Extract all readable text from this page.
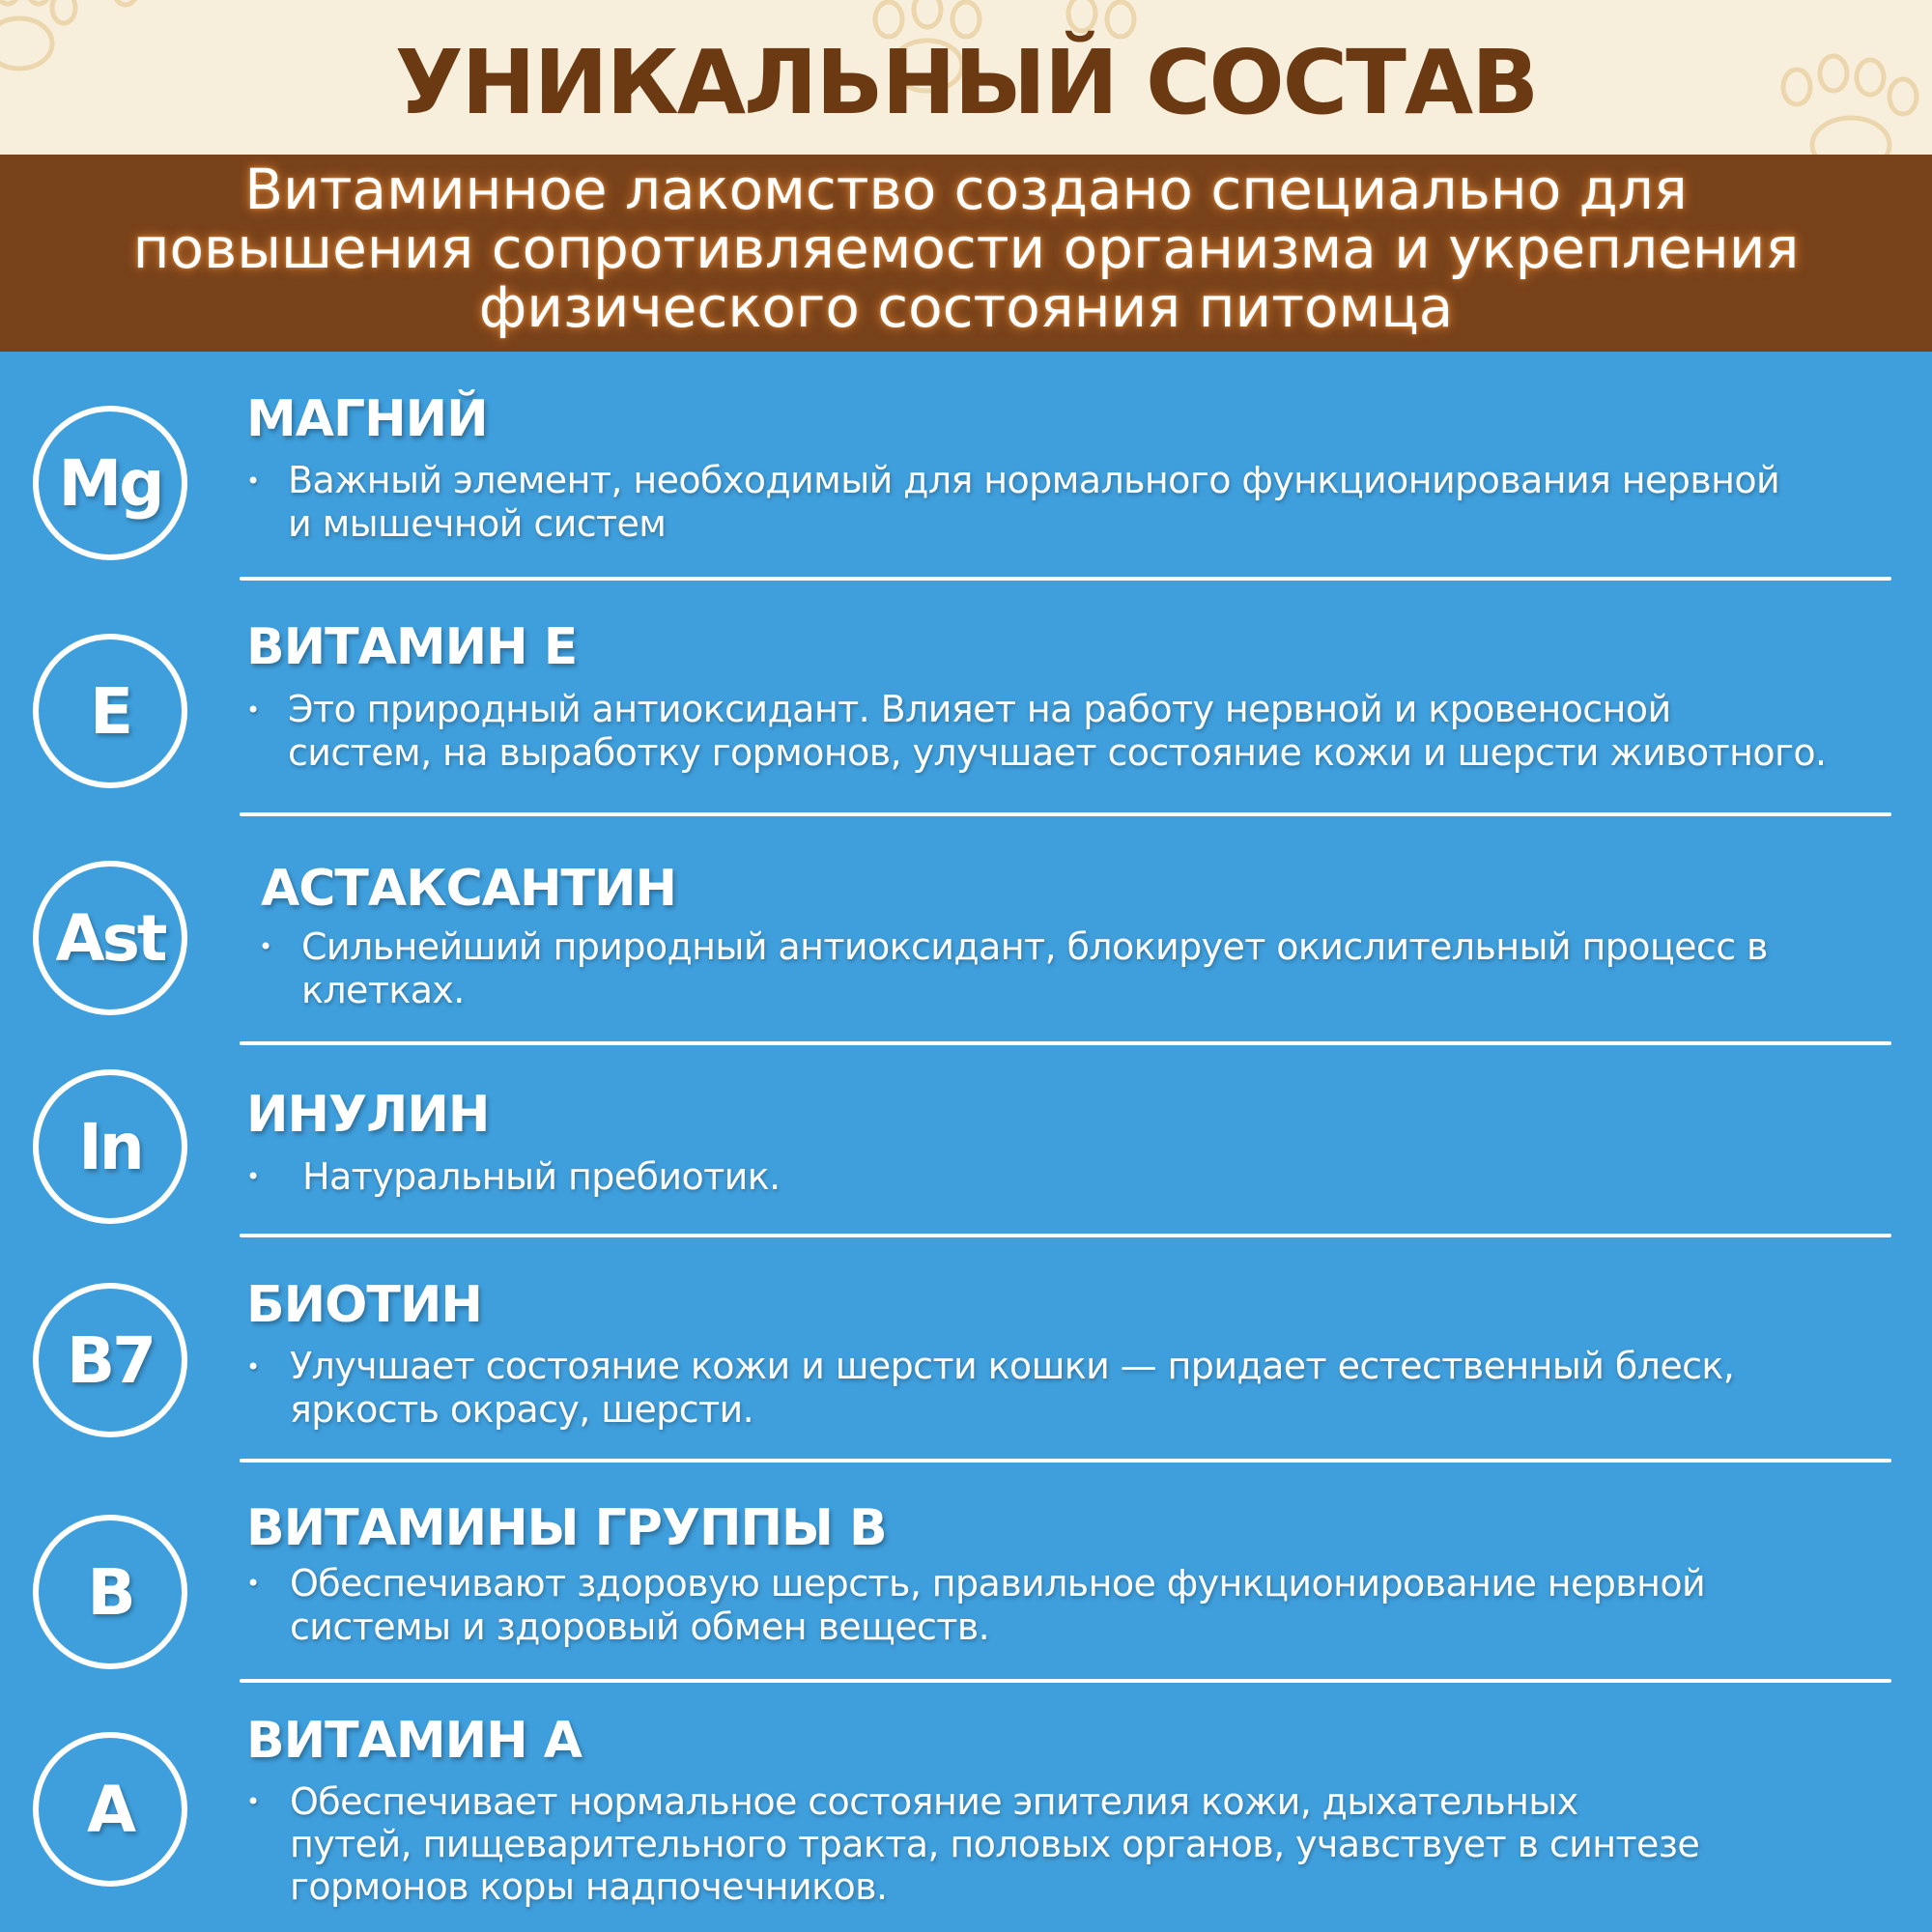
УНИКАЛЬНЫЙ СОСТАВ
Витаминное лакомство создано специально для
повышения сопротивляемости организма и укрепления
физического состояния питомца
Mg
МАГНИЙ
• Важный элемент, необходимый для нормального функционирования нервной
и мышечной систем

E
ВИТАМИН Е
• Это природный антиоксидант. Влияет на работу нервной и кровеносной
систем, на выработку гормонов, улучшает состояние кожи и шерсти животного.

Ast
АСТАКСАНТИН
• Сильнейший природный антиоксидант, блокирует окислительный процесс в
клетках.

In	ИНУЛИН
• Натуральный пребиотик.

B7
БИОТИН
• Улучшает состояние кожи и шерсти кошки — придает естественный блеск,
яркость окрасу, шерсти.

B
ВИТАМИНЫ ГРУППЫ В
• Обеспечивают здоровую шерсть, правильное функционирование нервной
системы и здоровый обмен веществ.

A
ВИТАМИН А
• Обеспечивает нормальное состояние эпителия кожи, дыхательных
путей, пищеварительного тракта, половых органов, учавствует в синтезе
гормонов коры надпочечников.
